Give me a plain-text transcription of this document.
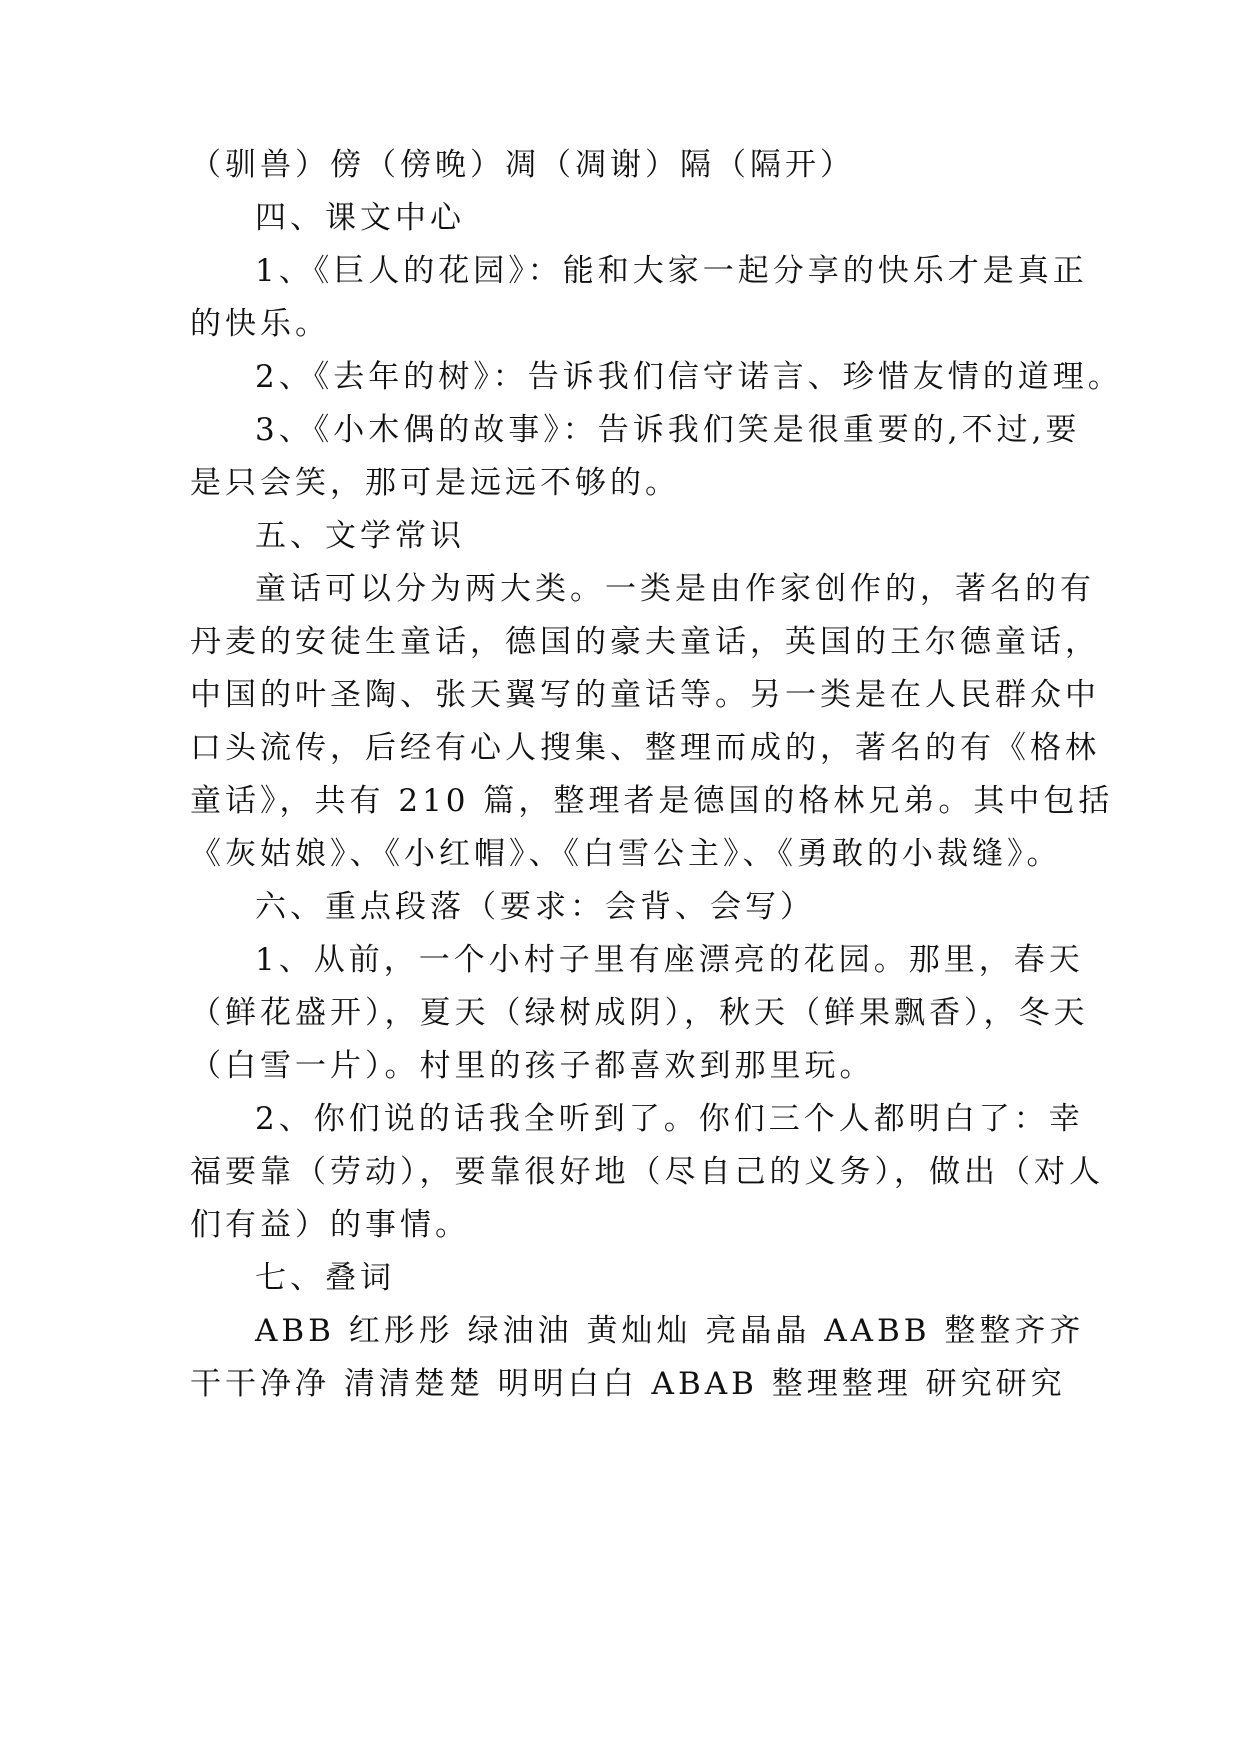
（驯兽）傍（傍晚）凋（凋谢）隔（隔开）
四、课文中心
1、《巨人的花园》：能和大家一起分享的快乐才是真正
的快乐。
2、《去年的树》：告诉我们信守诺言、珍惜友情的道理。
3、《小木偶的故事》：告诉我们笑是很重要的,不过,要
是只会笑，那可是远远不够的。
五、文学常识
童话可以分为两大类。一类是由作家创作的，著名的有
丹麦的安徒生童话，德国的豪夫童话，英国的王尔德童话，
中国的叶圣陶、张天翼写的童话等。另一类是在人民群众中
口头流传，后经有心人搜集、整理而成的，著名的有《格林
童话》，共有 210 篇，整理者是德国的格林兄弟。其中包括
《灰姑娘》、《小红帽》、《白雪公主》、《勇敢的小裁缝》。
六、重点段落（要求：会背、会写）
1、从前，一个小村子里有座漂亮的花园。那里，春天
（鲜花盛开），夏天（绿树成阴），秋天（鲜果飘香），冬天
（白雪一片）。村里的孩子都喜欢到那里玩。
2、你们说的话我全听到了。你们三个人都明白了：幸
福要靠（劳动），要靠很好地（尽自己的义务），做出（对人
们有益）的事情。
七、叠词
ABB 红彤彤 绿油油 黄灿灿 亮晶晶 AABB 整整齐齐
干干净净 清清楚楚 明明白白 ABAB 整理整理 研究研究
